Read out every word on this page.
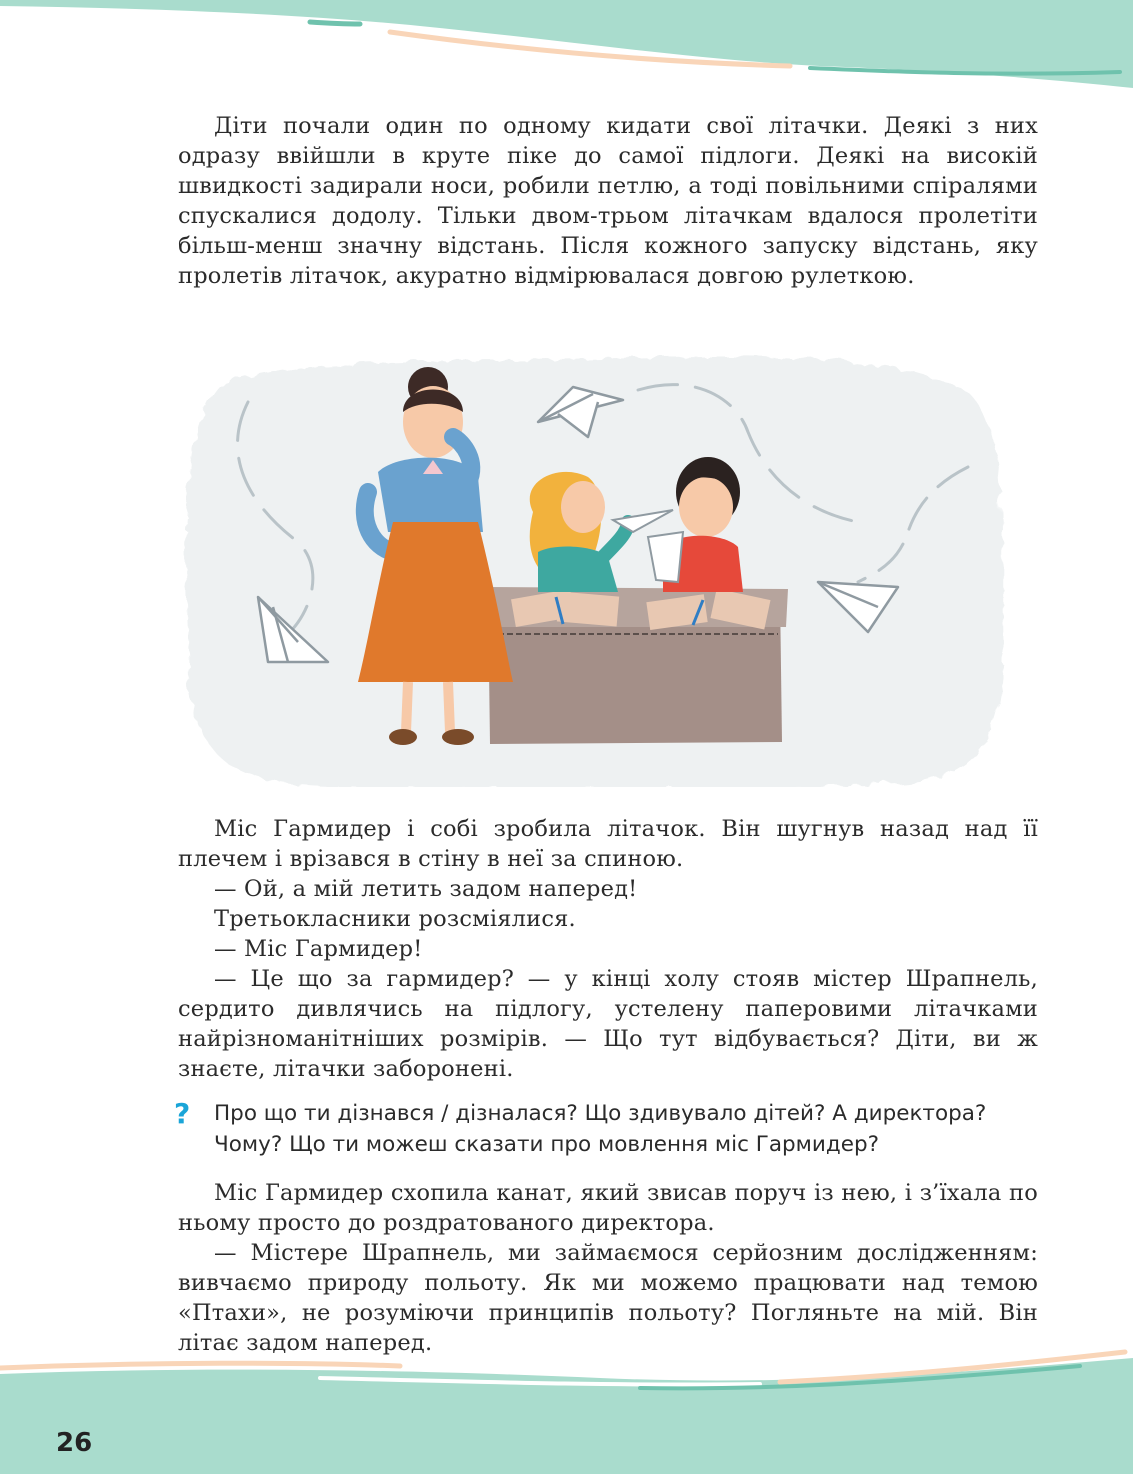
Діти почали один по одному кидати свої літачки. Деякі з них одразу ввійшли в круте піке до самої підлоги. Деякі на високій швидкості задирали носи, робили петлю, а тоді повільними спіралями спускалися додолу. Тільки двом-трьом літачкам вдалося пролетіти більш-менш значну відстань. Після кожного запуску відстань, яку пролетів літачок, акуратно відмірювалася довгою рулеткою.

Міс Гармидер і собі зробила літачок. Він шугнув назад над її плечем і врізався в стіну в неї за спиною.

— Ой, а мій летить задом наперед!

Третьокласники розсміялися.

— Міс Гармидер!

— Це що за гармидер? — у кінці холу стояв містер Шрапнель, сердито дивлячись на підлогу, устелену паперовими літачками найрізноманітніших розмірів. — Що тут відбувається? Діти, ви ж знаєте, літачки заборонені.

? Про що ти дізнався / дізналася? Що здивувало дітей? А директора? Чому? Що ти можеш сказати про мовлення міс Гармидер?

Міс Гармидер схопила канат, який звисав поруч із нею, і з’їхала по ньому просто до роздратованого директора.

— Містере Шрапнель, ми займаємося серйозним дослідженням: вивчаємо природу польоту. Як ми можемо працювати над темою «Птахи», не розуміючи принципів польоту? Погляньте на мій. Він літає задом наперед.

26
